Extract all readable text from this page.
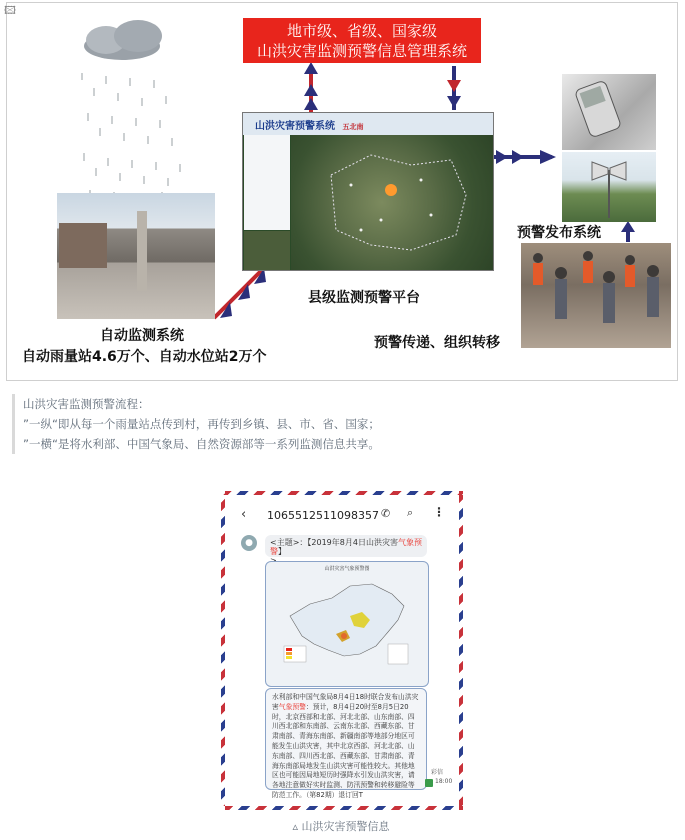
🖾
地市级、省级、国家级
山洪灾害监测预警信息管理系统
自动监测系统
自动雨量站4.6万个、自动水位站2万个
山洪灾害预警系统 五北南
县级监测预警平台
预警发布系统
预警传递、组织转移
山洪灾害监测预警流程：
”一纵“即从每一个雨量站点传到村，再传到乡镇、县、市、省、国家；
”一横“是将水利部、中国气象局、自然资源部等一系列监测信息共享。
‹ 1065512511098357 ✆ ⌕ ⋮
●	<主题>：【2019年8月4日山洪灾害气象预警】

山洪灾害气象预警图
水利部和中国气象局8月4日18时联合发布山洪灾害气象预警：预计，8月4日20时至8月5日20时，北京西部和北部、河北北部、山东南部、四川西北部和东南部、云南东北部、西藏东部、甘肃南部、青海东南部、新疆南部等地部分地区可能发生山洪灾害，其中北京西部、河北北部、山东南部、四川西北部、西藏东部、甘肃南部、青海东南部局地发生山洪灾害可能性较大。其他地区也可能因局地短历时强降水引发山洪灾害，请各地注意做好实时监测、防汛预警和转移避险等防范工作。（第82期）退订回T
彩信
18:00
▵ 山洪灾害预警信息
